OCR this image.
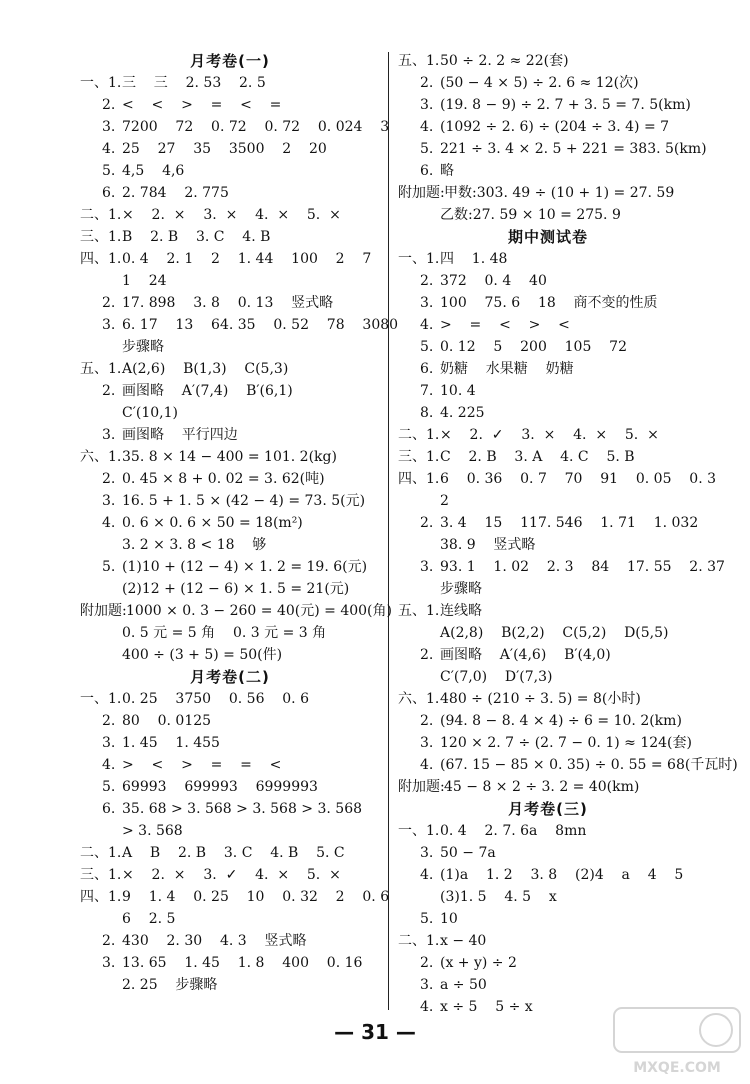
月考卷(一)
一、1. 三    三    2. 53    2. 5
2. <    <    >    =    <    =
3. 7200    72    0. 72    0. 72    0. 024    3
4. 25    27    35    3500    2    20
5. 4,5    4,6
6. 2. 784    2. 775
二、1. ×    2.  ×    3.  ×    4.  ×    5.  ×
三、1. B    2. B    3. C    4. B
四、1. 0. 4    2. 1    2    1. 44    100    2    7
1    24
2. 17. 898    3. 8    0. 13    竖式略
3. 6. 17    13    64. 35    0. 52    78    3080
步骤略
五、1. A(2,6)    B(1,3)    C(5,3)
2. 画图略    A′(7,4)    B′(6,1)
C′(10,1)
3. 画图略    平行四边
六、1. 35. 8 × 14 − 400 = 101. 2(kg)
2. 0. 45 × 8 + 0. 02 = 3. 62(吨)
3. 16. 5 + 1. 5 × (42 − 4) = 73. 5(元)
4. 0. 6 × 0. 6 × 50 = 18(m²)
3. 2 × 3. 8 < 18    够
5. (1)10 + (12 − 4) × 1. 2 = 19. 6(元)
(2)12 + (12 − 6) × 1. 5 = 21(元)
附加题: 1000 × 0. 3 − 260 = 40(元) = 400(角)
0. 5 元 = 5 角    0. 3 元 = 3 角
400 ÷ (3 + 5) = 50(件)
月考卷(二)
一、1. 0. 25    3750    0. 56    0. 6
2. 80    0. 0125
3. 1. 45    1. 455
4. >    <    >    =    =    <
5. 69993    699993    6999993
6. 35. 68 > 3. 568 > 3. 568 > 3. 568
> 3. 568
二、1. A    B    2. B    3. C    4. B    5. C
三、1. ×    2.  ×    3.  ✓    4.  ×    5.  ×
四、1. 9    1. 4    0. 25    10    0. 32    2    0. 6
6    2. 5
2. 430    2. 30    4. 3    竖式略
3. 13. 65    1. 45    1. 8    400    0. 16
2. 25    步骤略
五、1. 50 ÷ 2. 2 ≈ 22(套)
2. (50 − 4 × 5) ÷ 2. 6 ≈ 12(次)
3. (19. 8 − 9) ÷ 2. 7 + 3. 5 = 7. 5(km)
4. (1092 ÷ 2. 6) ÷ (204 ÷ 3. 4) = 7
5. 221 ÷ 3. 4 × 2. 5 + 221 = 383. 5(km)
6. 略
附加题: 甲数:303. 49 ÷ (10 + 1) = 27. 59
乙数:27. 59 × 10 = 275. 9
期中测试卷
一、1. 四    1. 48
2. 372    0. 4    40
3. 100    75. 6    18    商不变的性质
4. >    =    <    >    <
5. 0. 12    5    200    105    72
6. 奶糖    水果糖    奶糖
7. 10. 4
8. 4. 225
二、1. ×    2.  ✓    3.  ×    4.  ×    5.  ×
三、1. C    2. B    3. A    4. C    5. B
四、1. 6    0. 36    0. 7    70    91    0. 05    0. 3
2
2. 3. 4    15    117. 546    1. 71    1. 032
38. 9    竖式略
3. 93. 1    1. 02    2. 3    84    17. 55    2. 37
步骤略
五、1. 连线略
A(2,8)    B(2,2)    C(5,2)    D(5,5)
2. 画图略    A′(4,6)    B′(4,0)
C′(7,0)    D′(7,3)
六、1. 480 ÷ (210 ÷ 3. 5) = 8(小时)
2. (94. 8 − 8. 4 × 4) ÷ 6 = 10. 2(km)
3. 120 × 2. 7 ÷ (2. 7 − 0. 1) ≈ 124(套)
4. (67. 15 − 85 × 0. 35) ÷ 0. 55 = 68(千瓦时)
附加题: 45 − 8 × 2 ÷ 3. 2 = 40(km)
月考卷(三)
一、1. 0. 4    2. 7. 6a    8mn
3. 50 − 7a
4. (1)a    1. 2    3. 8    (2)4    a    4    5
(3)1. 5    4. 5    x
5. 10
二、1. x − 40
2. (x + y) ÷ 2
3. a ÷ 50
4. x ÷ 5    5 ÷ x
— 31 —
MXQE.COM
